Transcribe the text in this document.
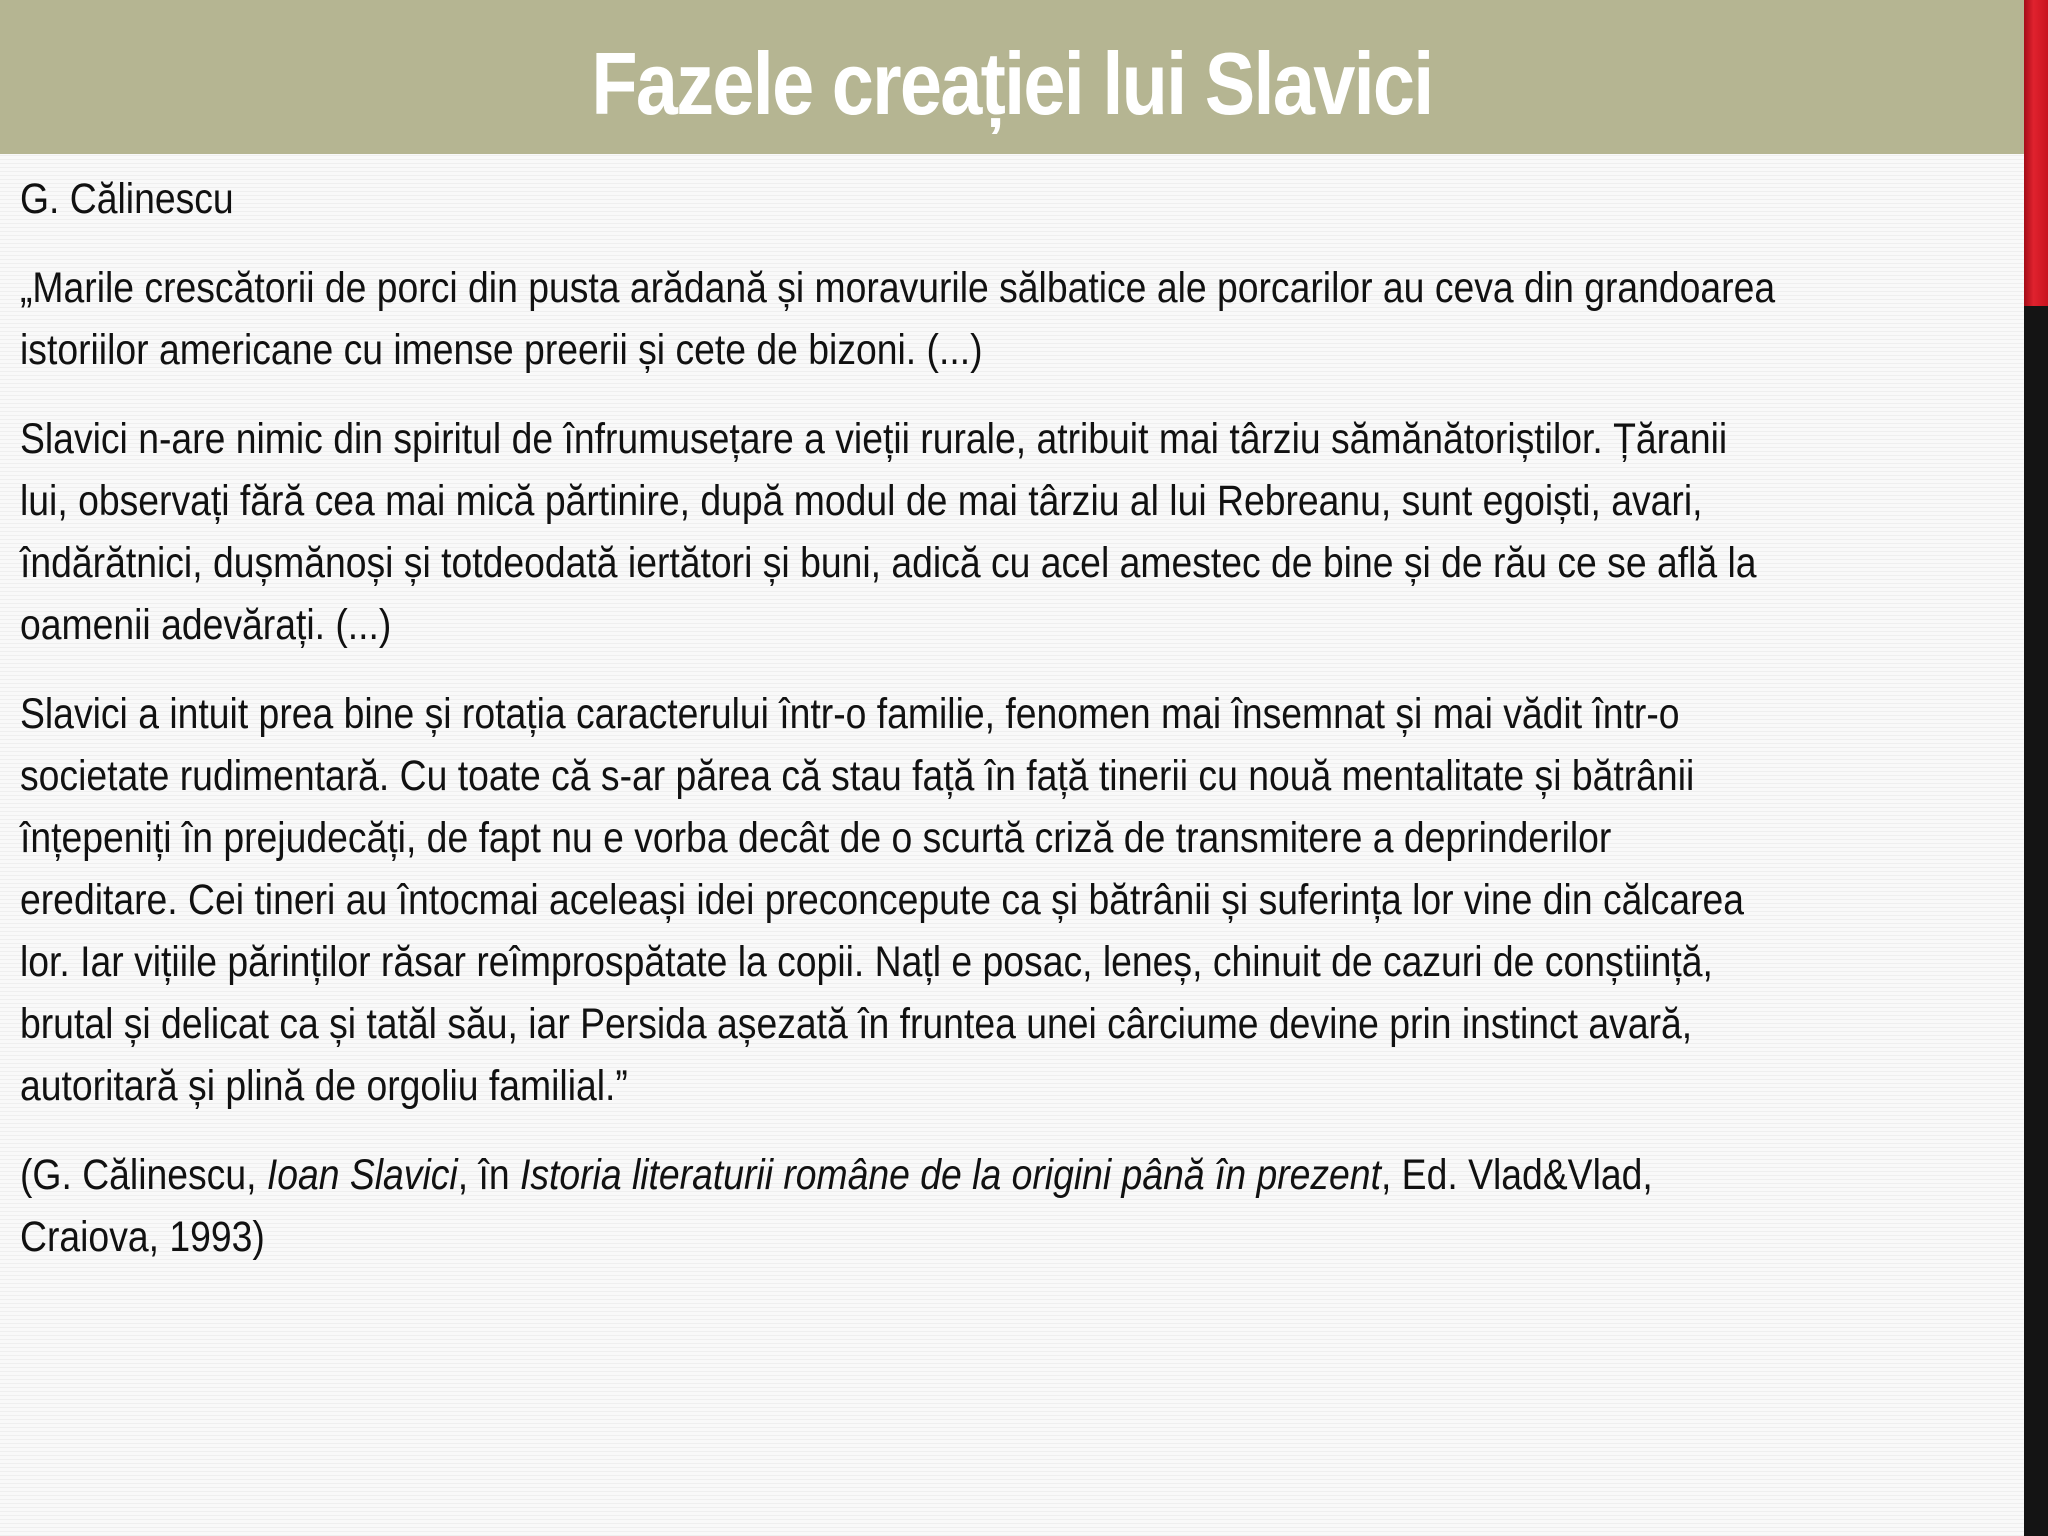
Fazele creației lui Slavici

G. Călinescu

„Marile crescătorii de porci din pusta arădană și moravurile sălbatice ale porcarilor au ceva din grandoarea
istoriilor americane cu imense preerii și cete de bizoni. (...)

Slavici n-are nimic din spiritul de înfrumusețare a vieții rurale, atribuit mai târziu sămănătoriștilor. Țăranii
lui, observați fără cea mai mică părtinire, după modul de mai târziu al lui Rebreanu, sunt egoiști, avari,
îndărătnici, dușmănoși și totdeodată iertători și buni, adică cu acel amestec de bine și de rău ce se află la
oamenii adevărați. (...)

Slavici a intuit prea bine și rotația caracterului într-o familie, fenomen mai însemnat și mai vădit într-o
societate rudimentară. Cu toate că s-ar părea că stau față în față tinerii cu nouă mentalitate și bătrânii
înțepeniți în prejudecăți, de fapt nu e vorba decât de o scurtă criză de transmitere a deprinderilor
ereditare. Cei tineri au întocmai aceleași idei preconcepute ca și bătrânii și suferința lor vine din călcarea
lor. Iar vițiile părinților răsar reîmprospătate la copii. Națl e posac, leneș, chinuit de cazuri de conștiință,
brutal și delicat ca și tatăl său, iar Persida așezată în fruntea unei cârciume devine prin instinct avară,
autoritară și plină de orgoliu familial.”

(G. Călinescu, Ioan Slavici, în Istoria literaturii române de la origini până în prezent, Ed. Vlad&Vlad,
Craiova, 1993)
